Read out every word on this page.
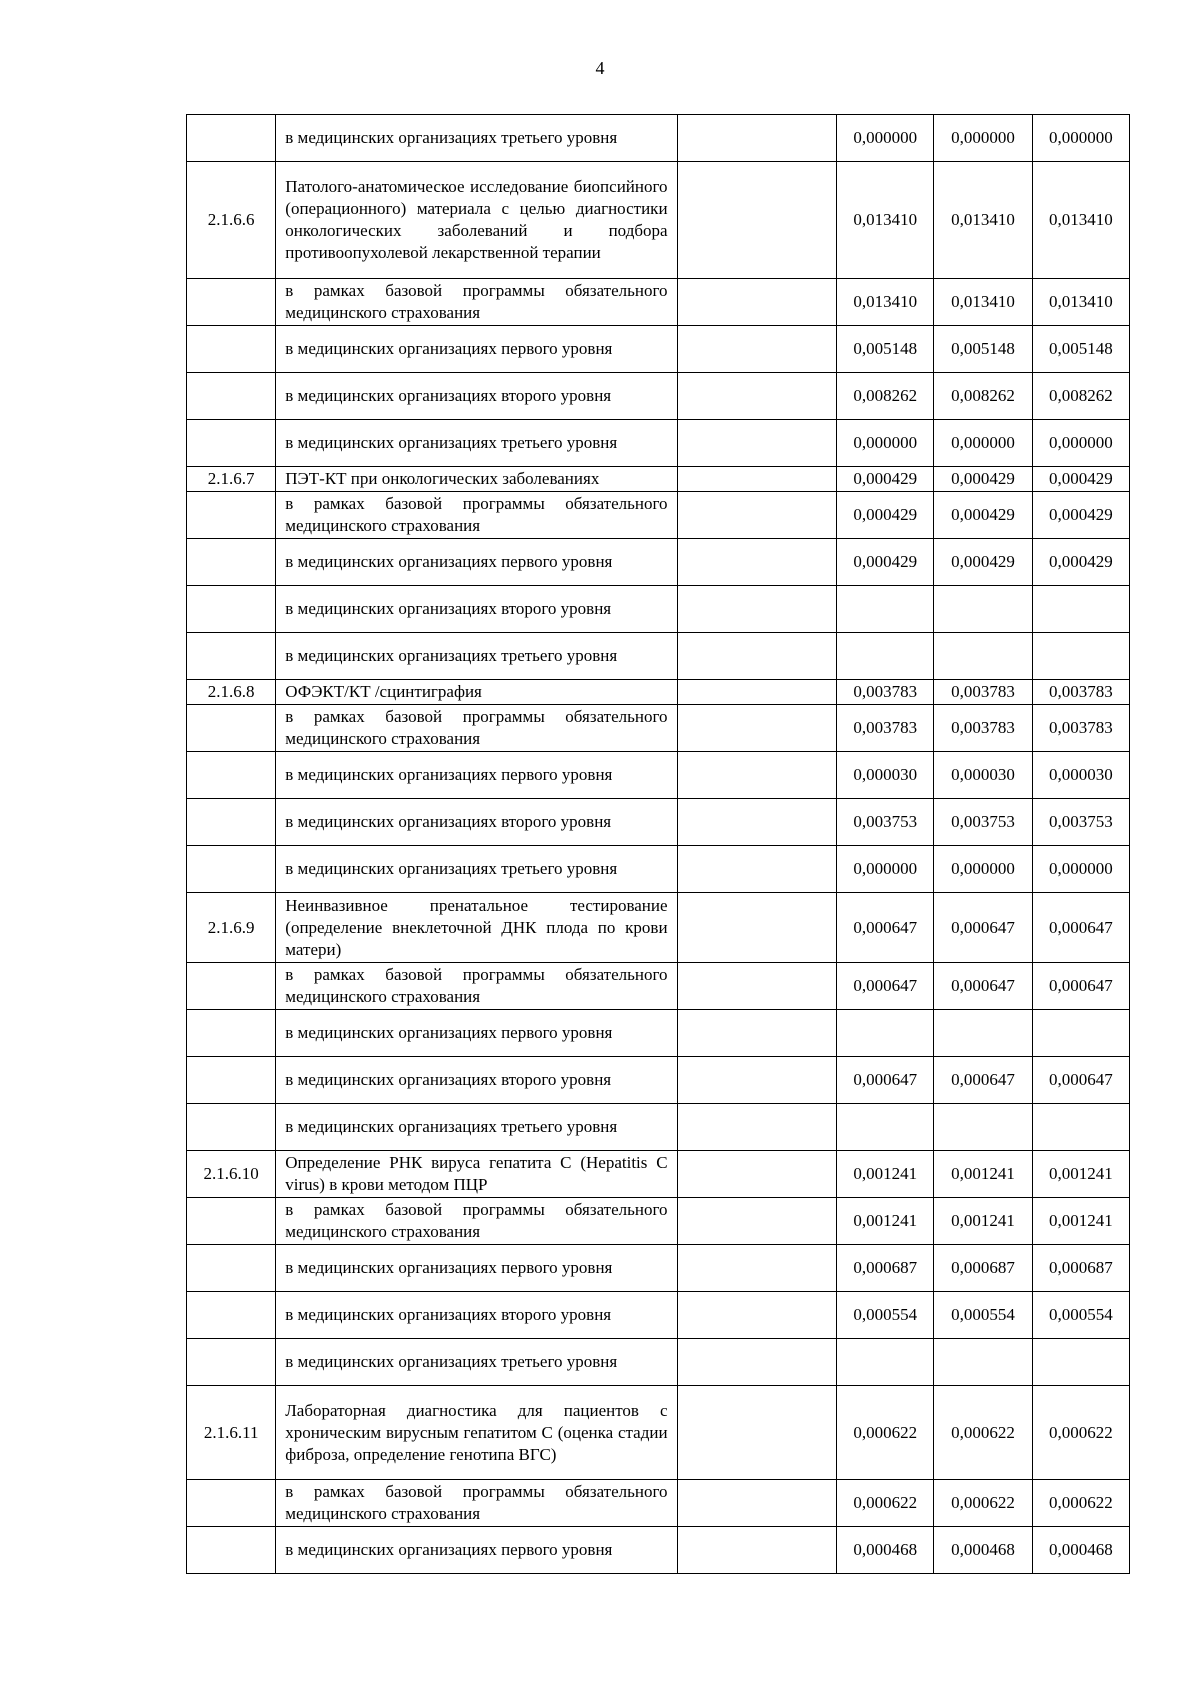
4
	в медицинских организациях третьего уровня		0,000000	0,000000	0,000000
2.1.6.6	Патолого-анатомическое исследование биопсийного (операционного) материала с целью диагностики онкологических заболеваний и подбора противоопухолевой лекарственной терапии		0,013410	0,013410	0,013410
	в рамках базовой программы обязательного медицинского страхования		0,013410	0,013410	0,013410
	в медицинских организациях первого уровня		0,005148	0,005148	0,005148
	в медицинских организациях второго уровня		0,008262	0,008262	0,008262
	в медицинских организациях третьего уровня		0,000000	0,000000	0,000000
2.1.6.7	ПЭТ-КТ при онкологических заболеваниях		0,000429	0,000429	0,000429
	в рамках базовой программы обязательного медицинского страхования		0,000429	0,000429	0,000429
	в медицинских организациях первого уровня		0,000429	0,000429	0,000429
	в медицинских организациях второго уровня				
	в медицинских организациях третьего уровня				
2.1.6.8	ОФЭКТ/КТ /сцинтиграфия		0,003783	0,003783	0,003783
	в рамках базовой программы обязательного медицинского страхования		0,003783	0,003783	0,003783
	в медицинских организациях первого уровня		0,000030	0,000030	0,000030
	в медицинских организациях второго уровня		0,003753	0,003753	0,003753
	в медицинских организациях третьего уровня		0,000000	0,000000	0,000000
2.1.6.9	Неинвазивное пренатальное тестирование (определение внеклеточной ДНК плода по крови матери)		0,000647	0,000647	0,000647
	в рамках базовой программы обязательного медицинского страхования		0,000647	0,000647	0,000647
	в медицинских организациях первого уровня				
	в медицинских организациях второго уровня		0,000647	0,000647	0,000647
	в медицинских организациях третьего уровня				
2.1.6.10	Определение РНК вируса гепатита С (Hepatitis C virus) в крови методом ПЦР		0,001241	0,001241	0,001241
	в рамках базовой программы обязательного медицинского страхования		0,001241	0,001241	0,001241
	в медицинских организациях первого уровня		0,000687	0,000687	0,000687
	в медицинских организациях второго уровня		0,000554	0,000554	0,000554
	в медицинских организациях третьего уровня				
2.1.6.11	Лабораторная диагностика для пациентов с хроническим вирусным гепатитом С (оценка стадии фиброза, определение генотипа ВГС)		0,000622	0,000622	0,000622
	в рамках базовой программы обязательного медицинского страхования		0,000622	0,000622	0,000622
	в медицинских организациях первого уровня		0,000468	0,000468	0,000468
